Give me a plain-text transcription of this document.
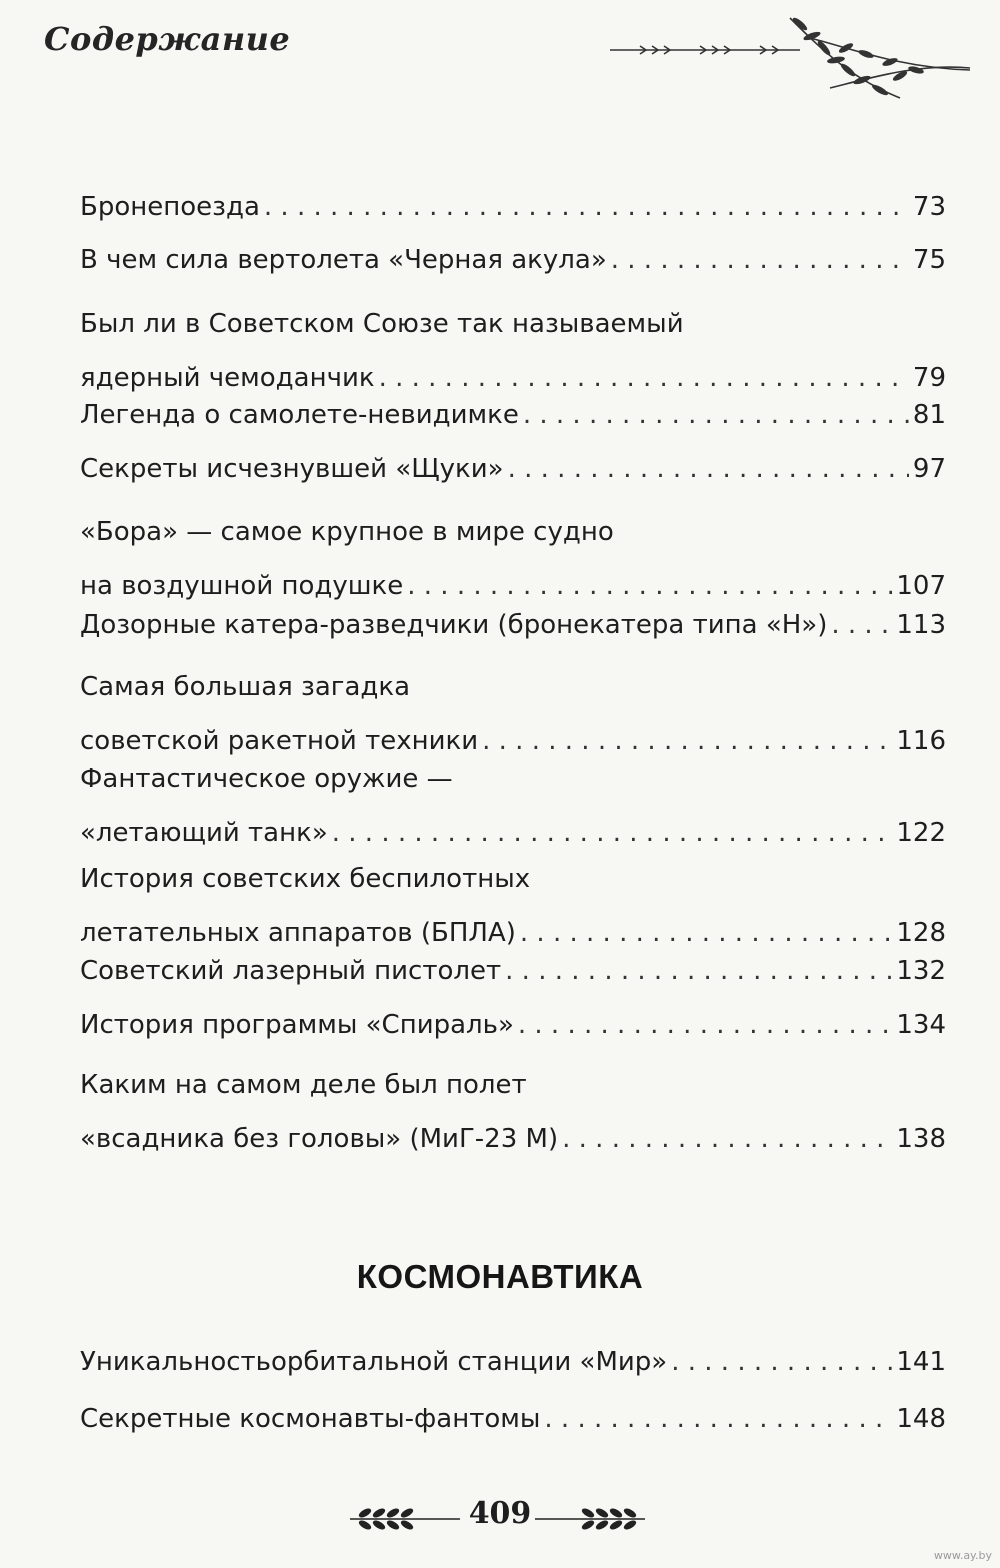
Содержание
Бронепоезда . . .	73
В чем сила вертолета «Черная акула» . . .	75
Был ли в Советском Союзе так называемый
ядерный чемоданчик . . .	79
Легенда о самолете-невидимке . . .	81
Секреты исчезнувшей «Щуки» . . .	97
«Бора» — самое крупное в мире судно
на воздушной подушке . . .	107
Дозорные катера-разведчики (бронекатера типа «Н») . . .	113
Самая большая загадка
советской ракетной техники . . .	116
Фантастическое оружие —
«летающий танк» . . .	122
История советских беспилотных
летательных аппаратов (БПЛА) . . .	128
Советский лазерный пистолет . . .	132
История программы «Спираль» . . .	134
Каким на самом деле был полет
«всадника без головы» (МиГ-23 М) . . .	138
КОСМОНАВТИКА
Уникальностьорбитальной станции «Мир» . . .	141
Секретные космонавты-фантомы . . .	148
409
www.ay.by
